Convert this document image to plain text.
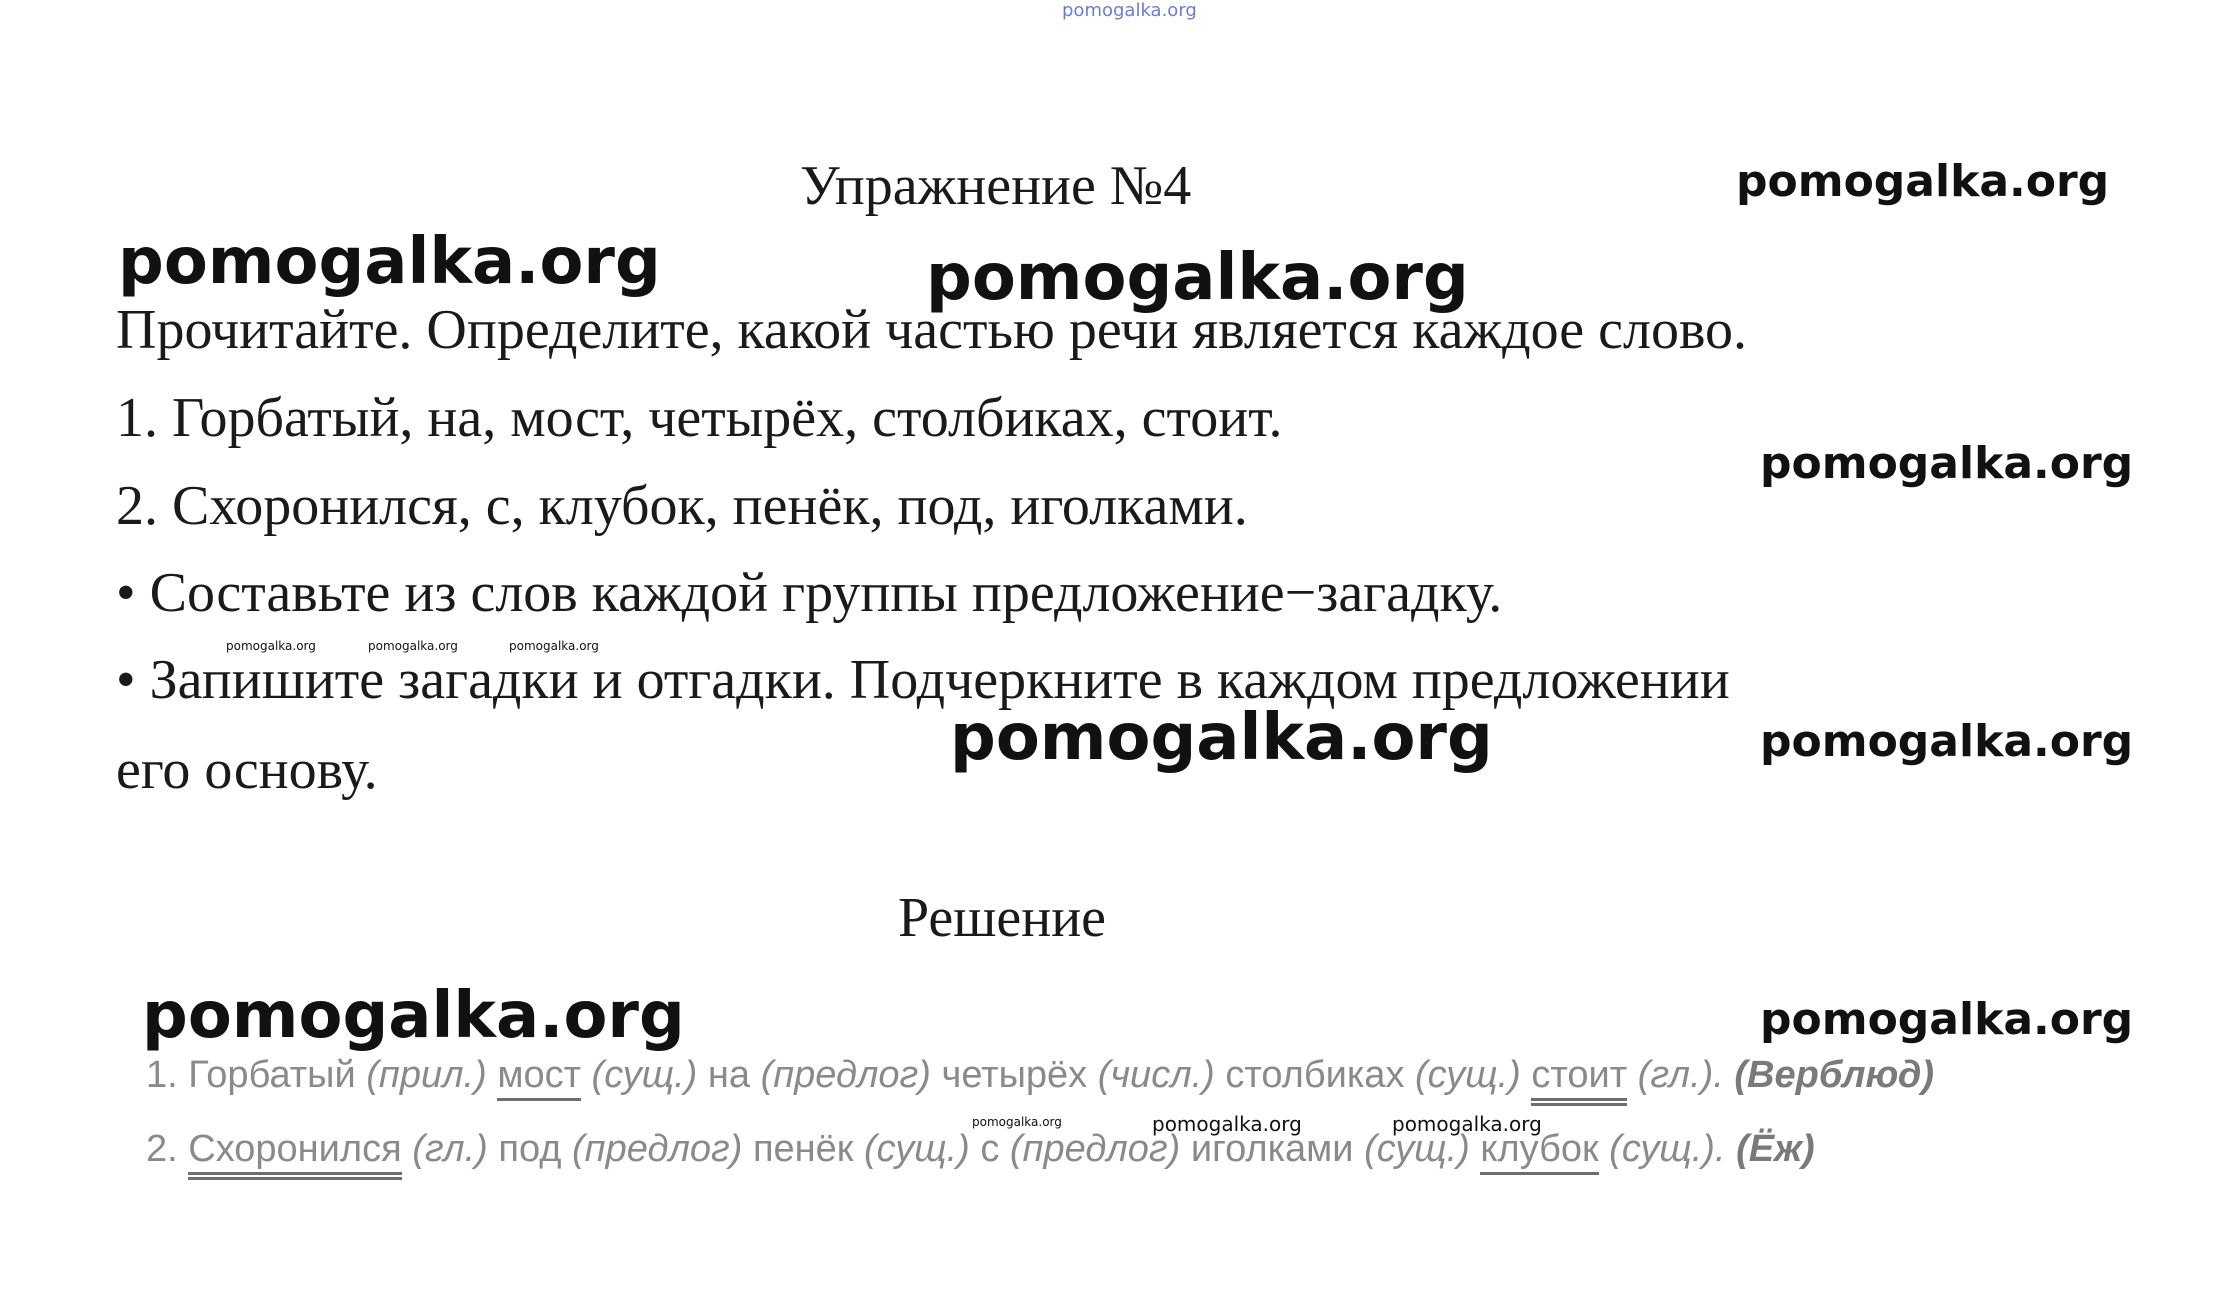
pomogalka.org
pomogalka.org
pomogalka.org	pomogalka.org
pomogalka.org
pomogalka.org	pomogalka.org	pomogalka.org
pomogalka.org	pomogalka.org
pomogalka.org	pomogalka.org
pomogalka.org	pomogalka.org	pomogalka.org
Упражнение №4
Прочитайте. Определите, какой частью речи является каждое слово.
1. Горбатый, на, мост, четырёх, столбиках, стоит.
2. Схоронился, с, клубок, пенёк, под, иголками.
• Составьте из слов каждой группы предложение−загадку.
• Запишите загадки и отгадки. Подчеркните в каждом предложении
его основу.
Решение
1. Горбатый (прил.) мост (сущ.) на (предлог) четырёх (числ.) столбиках (сущ.) стоит (гл.). (Верблюд)
2. Схоронился (гл.) под (предлог) пенёк (сущ.) с (предлог) иголками (сущ.) клубок (сущ.). (Ёж)
